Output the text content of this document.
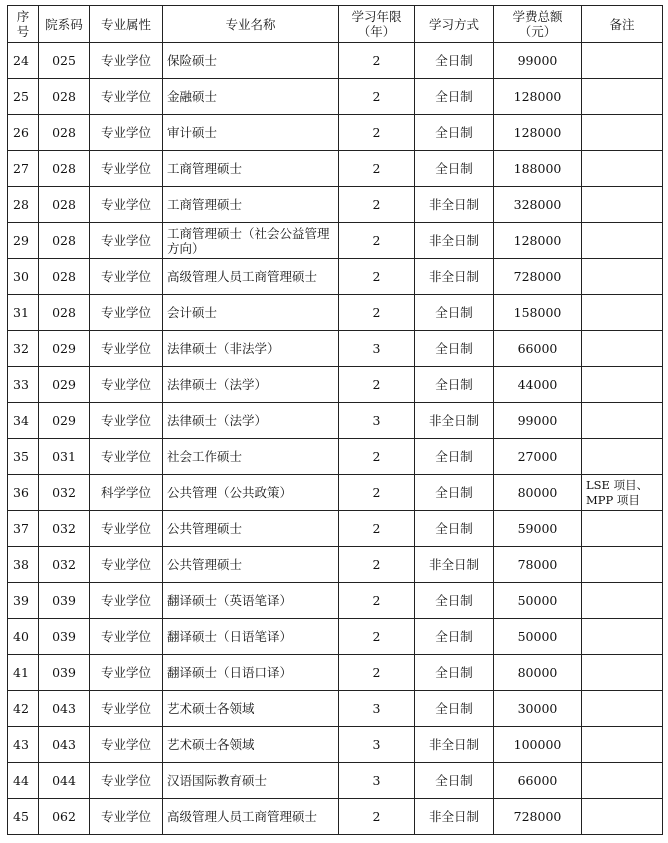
序号	院系码	专业属性	专业名称	学习年限（年）	学习方式	学费总额（元）	备注
24	025	专业学位	保险硕士	2	全日制	99000	
25	028	专业学位	金融硕士	2	全日制	128000	
26	028	专业学位	审计硕士	2	全日制	128000	
27	028	专业学位	工商管理硕士	2	全日制	188000	
28	028	专业学位	工商管理硕士	2	非全日制	328000	
29	028	专业学位	工商管理硕士（社会公益管理方向）	2	非全日制	128000	
30	028	专业学位	高级管理人员工商管理硕士	2	非全日制	728000	
31	028	专业学位	会计硕士	2	全日制	158000	
32	029	专业学位	法律硕士（非法学）	3	全日制	66000	
33	029	专业学位	法律硕士（法学）	2	全日制	44000	
34	029	专业学位	法律硕士（法学）	3	非全日制	99000	
35	031	专业学位	社会工作硕士	2	全日制	27000	
36	032	科学学位	公共管理（公共政策）	2	全日制	80000	LSE 项目、MPP 项目
37	032	专业学位	公共管理硕士	2	全日制	59000	
38	032	专业学位	公共管理硕士	2	非全日制	78000	
39	039	专业学位	翻译硕士（英语笔译）	2	全日制	50000	
40	039	专业学位	翻译硕士（日语笔译）	2	全日制	50000	
41	039	专业学位	翻译硕士（日语口译）	2	全日制	80000	
42	043	专业学位	艺术硕士各领域	3	全日制	30000	
43	043	专业学位	艺术硕士各领域	3	非全日制	100000	
44	044	专业学位	汉语国际教育硕士	3	全日制	66000	
45	062	专业学位	高级管理人员工商管理硕士	2	非全日制	728000	
